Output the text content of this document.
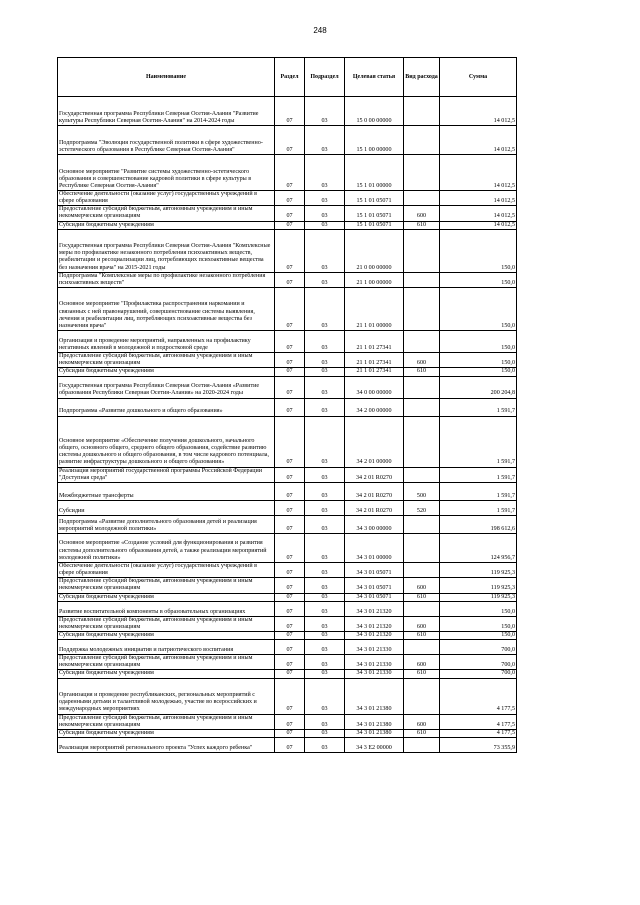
248
Наименование	Раздел	Подраздел	Целевая статья	Вид расхода	Сумма
Государственная программа Республики Северная Осетия-Алания "Развитие культуры Республики Северная Осетия-Алания" на 2014-2024 годы	07	03	15 0 00 00000		14 012,5
Подпрограмма "Эволюция государственной политики в сфере художественно-эстетического образования в Республике Северная Осетия-Алания"	07	03	15 1 00 00000		14 012,5
Основное мероприятие "Развитие системы художественно-эстетического образования и совершенствование кадровой политики в сфере культуры в Республике Северная Осетия-Алания"	07	03	15 1 01 00000		14 012,5
Обеспечение деятельности (оказание услуг) государственных учреждений в сфере образования	07	03	15 1 01 05071		14 012,5
Предоставление субсидий бюджетным, автономным учреждениям и иным некоммерческим организациям	07	03	15 1 01 05071	600	14 012,5
Субсидии бюджетным учреждениям	07	03	15 1 01 05071	610	14 012,5
Государственная программа Республики Северная Осетия-Алания "Комплексные меры по профилактике незаконного потребления психоактивных веществ, реабилитации и ресоциализации лиц, потребляющих психоактивные вещества без назначения врача" на 2015-2021 годы	07	03	21 0 00 00000		150,0
Подпрограмма "Комплексные меры по профилактике незаконного потребления психоактивных веществ"	07	03	21 1 00 00000		150,0
Основное мероприятие "Профилактика распространения наркомании и связанных с ней правонарушений, совершенствование системы выявления, лечения и реабилитации лиц, потребляющих психоактивные вещества без назначения врача"	07	03	21 1 01 00000		150,0
Организация и проведение мероприятий, направленных на профилактику негативных явлений в молодежной и подростковой среде	07	03	21 1 01 27341		150,0
Предоставление субсидий бюджетным, автономным учреждениям и иным некоммерческим организациям	07	03	21 1 01 27341	600	150,0
Субсидии бюджетным учреждениям	07	03	21 1 01 27341	610	150,0
Государственная программа Республики Северная Осетия-Алания «Развитие образования Республики Северная Осетия-Алания» на 2020-2024 годы	07	03	34 0 00 00000		200 204,8
Подпрограмма «Развитие дошкольного и общего образования»	07	03	34 2 00 00000		1 591,7
Основное мероприятие «Обеспечение получения дошкольного, начального общего, основного общего, среднего общего образования, содействие развитию системы дошкольного и общего образования, в том числе кадрового потенциала, развитие инфраструктуры дошкольного и общего образования»	07	03	34 2 01 00000		1 591,7
Реализация мероприятий государственной программы Российской Федерации "Доступная среда"	07	03	34 2 01 R0270		1 591,7
Межбюджетные трансферты	07	03	34 2 01 R0270	500	1 591,7
Субсидии	07	03	34 2 01 R0270	520	1 591,7
Подпрограмма «Развитие дополнительного образования детей и реализация мероприятий молодежной политики»	07	03	34 3 00 00000		198 612,6
Основное мероприятие «Создание условий для функционирования и развития системы дополнительного образования детей, а также реализации мероприятий молодежной политики»	07	03	34 3 01 00000		124 956,7
Обеспечение деятельности (оказание услуг) государственных учреждений в сфере образования	07	03	34 3 01 05071		119 925,3
Предоставление субсидий бюджетным, автономным учреждениям и иным некоммерческим организациям	07	03	34 3 01 05071	600	119 925,3
Субсидии бюджетным учреждениям	07	03	34 3 01 05071	610	119 925,3
Развитие воспитательной компоненты в образовательных организациях	07	03	34 3 01 21320		150,0
Предоставление субсидий бюджетным, автономным учреждениям и иным некоммерческим организациям	07	03	34 3 01 21320	600	150,0
Субсидии бюджетным учреждениям	07	03	34 3 01 21320	610	150,0
Поддержка молодежных инициатив и патриотического воспитания	07	03	34 3 01 21330		700,0
Предоставление субсидий бюджетным, автономным учреждениям и иным некоммерческим организациям	07	03	34 3 01 21330	600	700,0
Субсидии бюджетным учреждениям	07	03	34 3 01 21330	610	700,0
Организация и проведение республиканских, региональных мероприятий с одаренными детьми и талантливой молодежью, участие во всероссийских и международных мероприятиях	07	03	34 3 01 21380		4 177,5
Предоставление субсидий бюджетным, автономным учреждениям и иным некоммерческим организациям	07	03	34 3 01 21380	600	4 177,5
Субсидии бюджетным учреждениям	07	03	34 3 01 21380	610	4 177,5
Реализация мероприятий регионального проекта "Успех каждого ребенка"	07	03	34 3 E2 00000		73 355,9
